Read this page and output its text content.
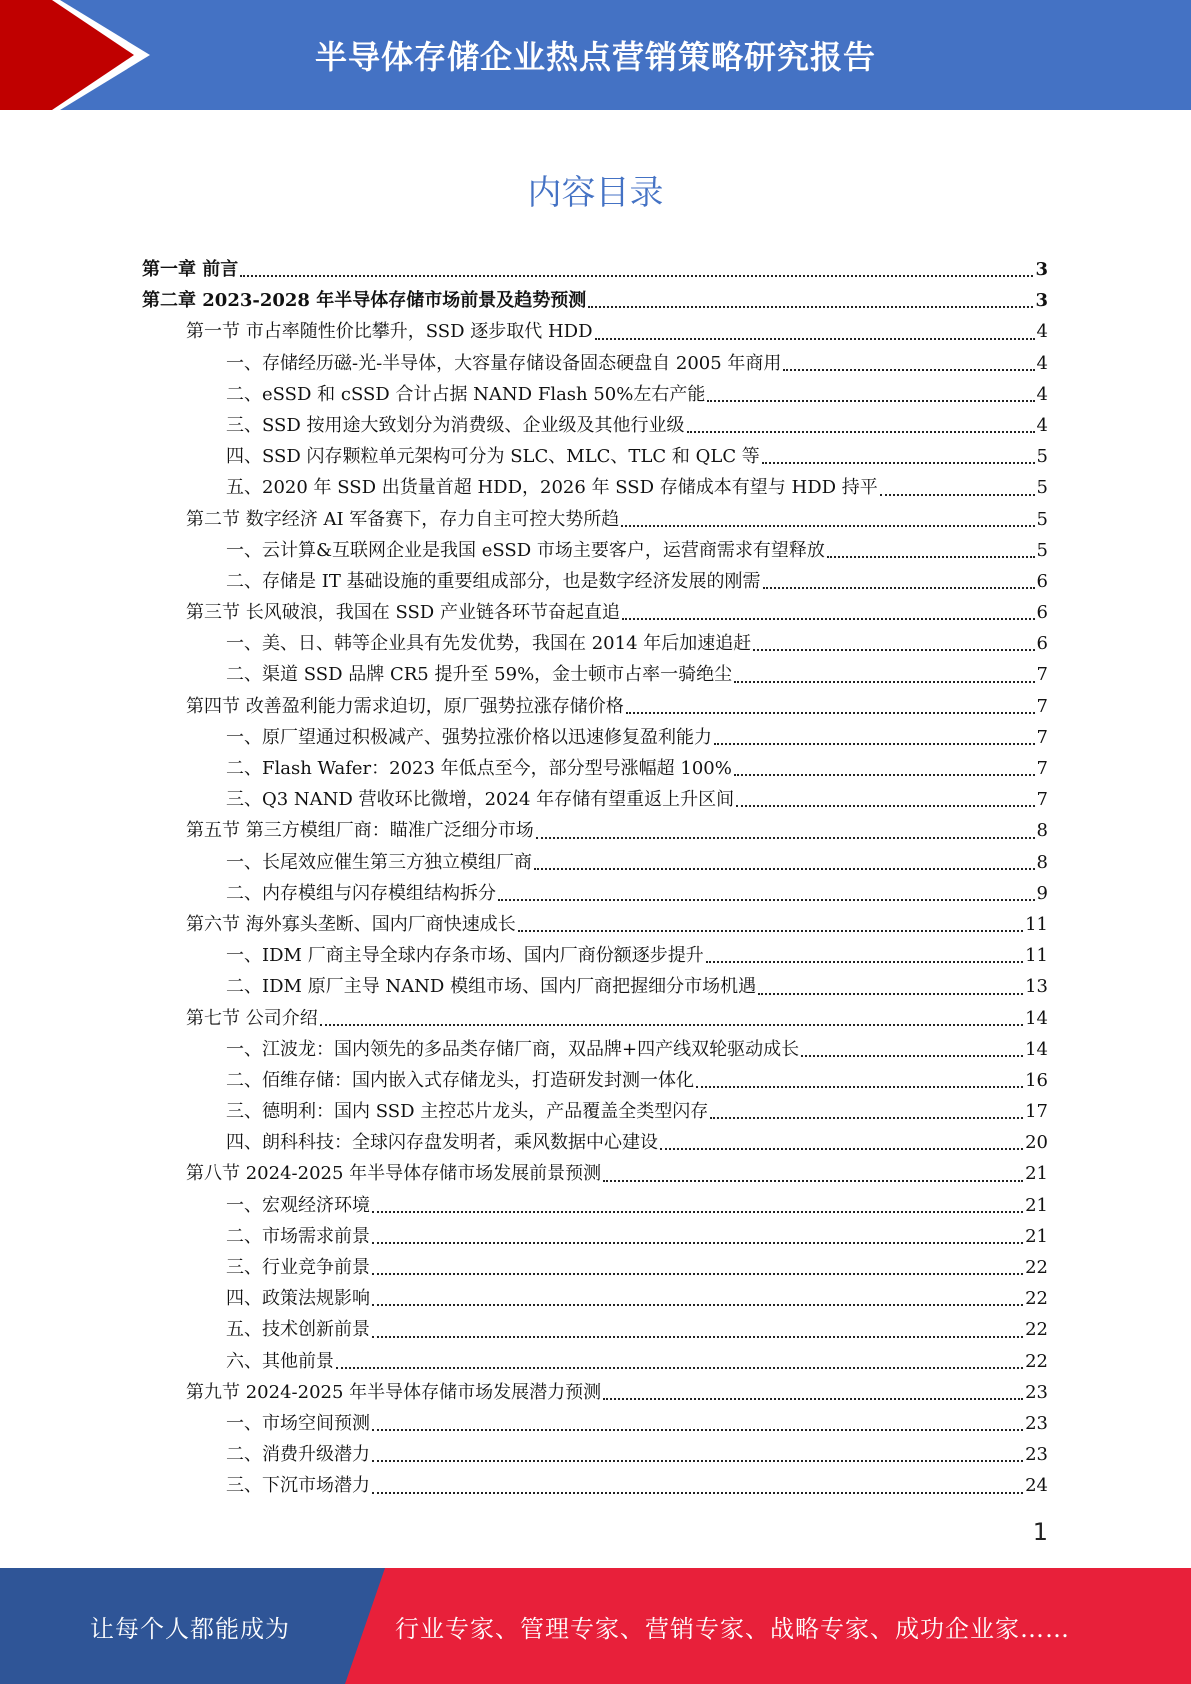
半导体存储企业热点营销策略研究报告
内容目录
第一章 前言	3
第二章 2023-2028 年半导体存储市场前景及趋势预测	3
第一节 市占率随性价比攀升，SSD 逐步取代 HDD	4
一、存储经历磁-光-半导体，大容量存储设备固态硬盘自 2005 年商用	4
二、eSSD 和 cSSD 合计占据 NAND Flash 50%左右产能	4
三、SSD 按用途大致划分为消费级、企业级及其他行业级	4
四、SSD 闪存颗粒单元架构可分为 SLC、MLC、TLC 和 QLC 等	5
五、2020 年 SSD 出货量首超 HDD，2026 年 SSD 存储成本有望与 HDD 持平	5
第二节 数字经济 AI 军备赛下，存力自主可控大势所趋	5
一、云计算&互联网企业是我国 eSSD 市场主要客户，运营商需求有望释放	5
二、存储是 IT 基础设施的重要组成部分，也是数字经济发展的刚需	6
第三节 长风破浪，我国在 SSD 产业链各环节奋起直追	6
一、美、日、韩等企业具有先发优势，我国在 2014 年后加速追赶	6
二、渠道 SSD 品牌 CR5 提升至 59%，金士顿市占率一骑绝尘	7
第四节 改善盈利能力需求迫切，原厂强势拉涨存储价格	7
一、原厂望通过积极减产、强势拉涨价格以迅速修复盈利能力	7
二、Flash Wafer：2023 年低点至今，部分型号涨幅超 100%	7
三、Q3 NAND 营收环比微增，2024 年存储有望重返上升区间	7
第五节 第三方模组厂商：瞄准广泛细分市场	8
一、长尾效应催生第三方独立模组厂商	8
二、内存模组与闪存模组结构拆分	9
第六节 海外寡头垄断、国内厂商快速成长	11
一、IDM 厂商主导全球内存条市场、国内厂商份额逐步提升	11
二、IDM 原厂主导 NAND 模组市场、国内厂商把握细分市场机遇	13
第七节 公司介绍	14
一、江波龙：国内领先的多品类存储厂商，双品牌+四产线双轮驱动成长	14
二、佰维存储：国内嵌入式存储龙头，打造研发封测一体化	16
三、德明利：国内 SSD 主控芯片龙头，产品覆盖全类型闪存	17
四、朗科科技：全球闪存盘发明者，乘风数据中心建设	20
第八节 2024-2025 年半导体存储市场发展前景预测	21
一、宏观经济环境	21
二、市场需求前景	21
三、行业竞争前景	22
四、政策法规影响	22
五、技术创新前景	22
六、其他前景	22
第九节 2024-2025 年半导体存储市场发展潜力预测	23
一、市场空间预测	23
二、消费升级潜力	23
三、下沉市场潜力	24
1
让每个人都能成为	行业专家、管理专家、营销专家、战略专家、成功企业家……
